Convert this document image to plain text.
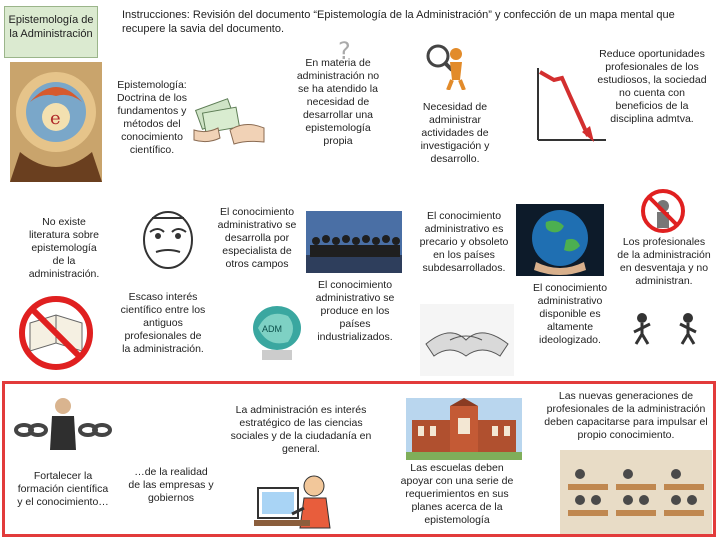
Epistemología de la Administración
Instrucciones: Revisión del documento “Epistemología de la Administración” y confección de un mapa mental que recupere la savia del documento.
e
Epistemología: Doctrina de los fundamentos y métodos del conocimiento científico.
?
En materia de administración no se ha atendido la necesidad de desarrollar una epistemología propia
Necesidad de administrar actividades de investigación y desarrollo.
Reduce oportunidades profesionales de los estudiosos, la sociedad no cuenta con beneficios de la disciplina admtva.
No existe literatura sobre epistemología de la administración.
Escaso interés científico entre los antiguos profesionales de la administración.
El conocimiento administrativo se desarrolla por especialista de otros campos
ADM
El conocimiento administrativo se produce en los países industrializados.
El conocimiento administrativo es precario y obsoleto en los países subdesarrollados.
El conocimiento administrativo disponible es altamente ideologizado.
Los profesionales de la administración en desventaja y no administran.
Fortalecer la formación científica y el conocimiento…
…de la realidad de las empresas y gobiernos
La administración es interés estratégico de las ciencias sociales y de la ciudadanía en general.
Las escuelas deben apoyar con una serie de requerimientos en sus planes acerca de la epistemología
Las nuevas generaciones de profesionales de la administración deben capacitarse para impulsar el propio conocimiento.
